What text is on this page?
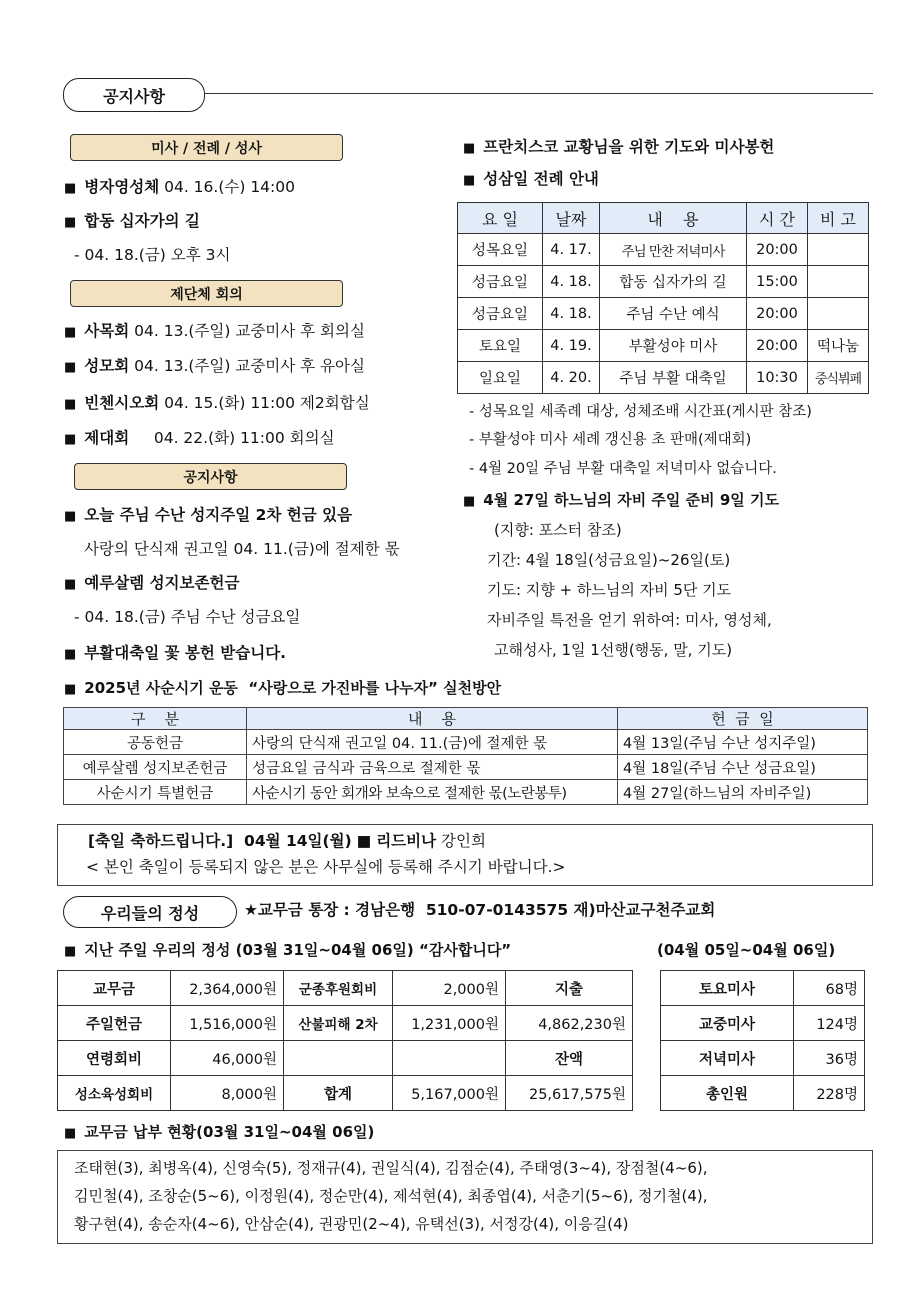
공지사항
미사 / 전례 / 성사
■ 병자영성체 04. 16.(수) 14:00
■ 합동 십자가의 길
- 04. 18.(금) 오후 3시
제단체 회의
■ 사목회 04. 13.(주일) 교중미사 후 회의실
■ 성모회 04. 13.(주일) 교중미사 후 유아실
■ 빈첸시오회 04. 15.(화) 11:00 제2회합실
■ 제대회     04. 22.(화) 11:00 회의실
공지사항
■ 오늘 주님 수난 성지주일 2차 헌금 있음
사랑의 단식재 권고일 04. 11.(금)에 절제한 몫
■ 예루살렘 성지보존헌금
- 04. 18.(금) 주님 수난 성금요일
■ 부활대축일 꽃 봉헌 받습니다.
■ 프란치스코 교황님을 위한 기도와 미사봉헌
■ 성삼일 전례 안내
요 일	날짜	내    용	시 간	비 고
성목요일	4. 17.	주님 만찬 저녁미사	20:00	
성금요일	4. 18.	합동 십자가의 길	15:00	
성금요일	4. 18.	주님 수난 예식	20:00	
토요일	4. 19.	부활성야 미사	20:00	떡나눔
일요일	4. 20.	주님 부활 대축일	10:30	중식뷔페
- 성목요일 세족례 대상, 성체조배 시간표(게시판 참조)
- 부활성야 미사 세례 갱신용 초 판매(제대회)
- 4월 20일 주님 부활 대축일 저녁미사 없습니다.
■ 4월 27일 하느님의 자비 주일 준비 9일 기도
(지향: 포스터 참조)
기간: 4월 18일(성금요일)~26일(토)
기도: 지향 + 하느님의 자비 5단 기도
자비주일 특전을 얻기 위하여: 미사, 영성체,
고해성사, 1일 1선행(행동, 말, 기도)
■ 2025년 사순시기 운동  “사랑으로 가진바를 나누자” 실천방안
구    분	내    용	헌  금  일
공동헌금	사랑의 단식재 권고일 04. 11.(금)에 절제한 몫	4월 13일(주님 수난 성지주일)
예루살렘 성지보존헌금	성금요일 금식과 금육으로 절제한 몫	4월 18일(주님 수난 성금요일)
사순시기 특별헌금	사순시기 동안 회개와 보속으로 절제한 몫(노란봉투)	4월 27일(하느님의 자비주일)
[축일 축하드립니다.]  04월 14일(월) ■ 리드비나 강인희
< 본인 축일이 등록되지 않은 분은 사무실에 등록해 주시기 바랍니다.>
우리들의 정성	★교무금 통장 : 경남은행  510-07-0143575 재)마산교구천주교회
■ 지난 주일 우리의 정성 (03월 31일~04월 06일) “감사합니다”	(04월 05일~04월 06일)
교무금	2,364,000원	군종후원회비	2,000원	지출
주일헌금	1,516,000원	산불피해 2차	1,231,000원	4,862,230원
연령회비	46,000원			잔액
성소육성회비	8,000원	합계	5,167,000원	25,617,575원
토요미사	68명
교중미사	124명
저녁미사	36명
총인원	228명
■ 교무금 납부 현황(03월 31일~04월 06일)
조태현(3), 최병옥(4), 신영숙(5), 정재규(4), 권일식(4), 김점순(4), 주태영(3~4), 장점철(4~6),
김민철(4), 조창순(5~6), 이정원(4), 정순만(4), 제석현(4), 최종엽(4), 서춘기(5~6), 정기철(4),
황구현(4), 송순자(4~6), 안삼순(4), 권광민(2~4), 유택선(3), 서정강(4), 이응길(4)
